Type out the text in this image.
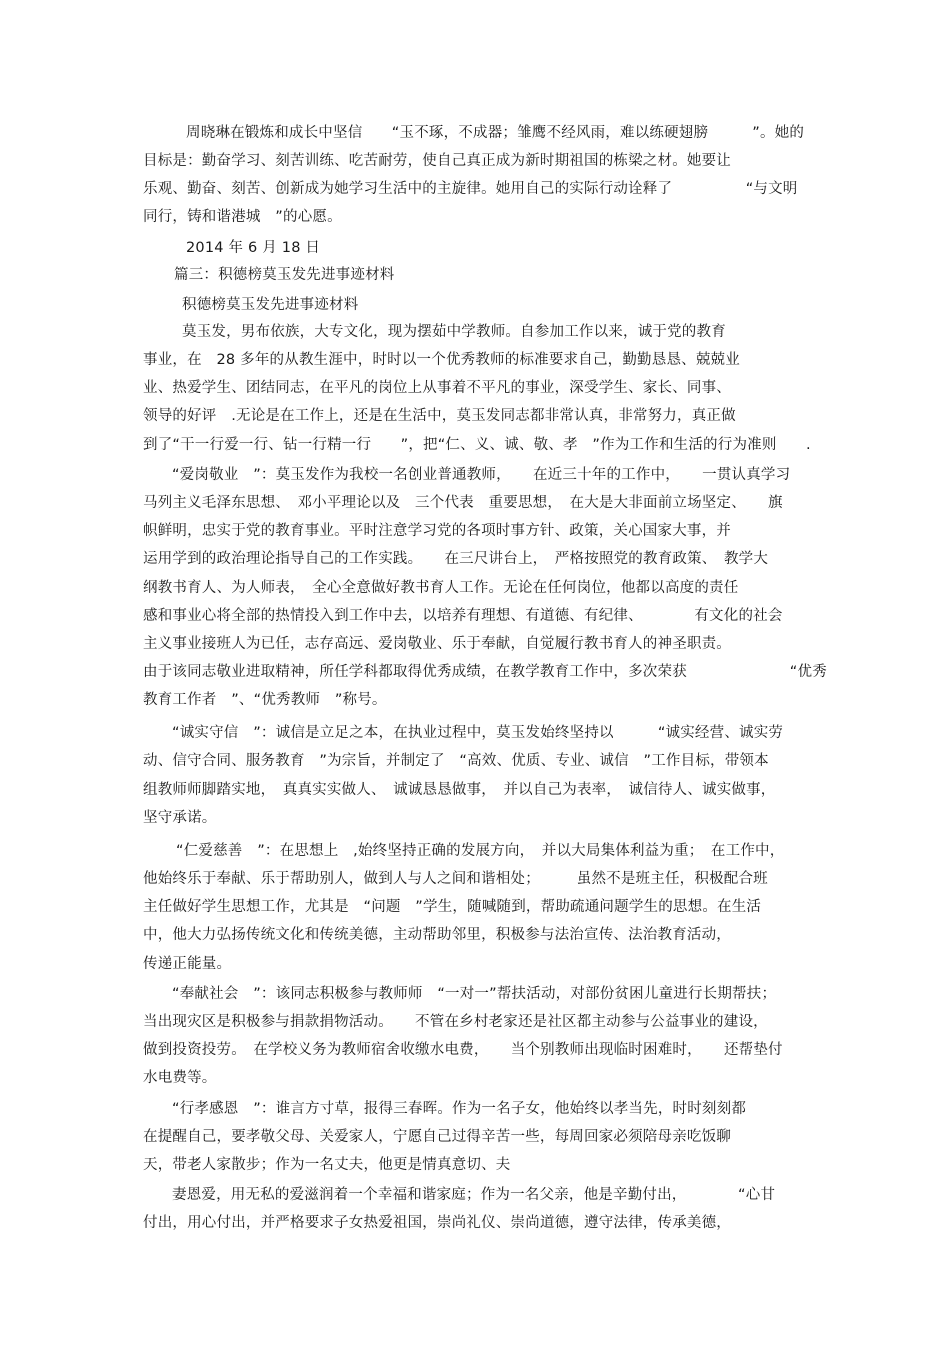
周晓琳在锻炼和成长中坚信　　“玉不琢，不成器；雏鹰不经风雨，难以练硬翅膀　　　”。她的
目标是：勤奋学习、刻苦训练、吃苦耐劳，使自己真正成为新时期祖国的栋梁之材。她要让
乐观、勤奋、刻苦、创新成为她学习生活中的主旋律。她用自己的实际行动诠释了　　　　　“与文明
同行，铸和谐港城　”的心愿。
2014 年 6 月 18 日
篇三：积德榜莫玉发先进事迹材料
积德榜莫玉发先进事迹材料
莫玉发，男布依族，大专文化，现为摆茹中学教师。自参加工作以来，诚于党的教育
事业，在　28 多年的从教生涯中，时时以一个优秀教师的标准要求自己，勤勤恳恳、兢兢业
业、热爱学生、团结同志，在平凡的岗位上从事着不平凡的事业，深受学生、家长、同事、
领导的好评　.无论是在工作上，还是在生活中，莫玉发同志都非常认真，非常努力，真正做
到了“干一行爱一行、钻一行精一行　　”，把“仁、义、诚、敬、孝　”作为工作和生活的行为准则　　.
“爱岗敬业　”：莫玉发作为我校一名创业普通教师，　　在近三十年的工作中，　　一贯认真学习
马列主义毛泽东思想、　邓小平理论以及　三个代表　重要思想，　在大是大非面前立场坚定、　　旗
帜鲜明，忠实于党的教育事业。平时注意学习党的各项时事方针、政策，关心国家大事，并
运用学到的政治理论指导自己的工作实践。　　在三尺讲台上，　严格按照党的教育政策、　教学大
纲教书育人、为人师表，　全心全意做好教书育人工作。无论在任何岗位，他都以高度的责任
感和事业心将全部的热情投入到工作中去，以培养有理想、有道德、有纪律、　　　　有文化的社会
主义事业接班人为已任，志存高远、爱岗敬业、乐于奉献，自觉履行教书育人的神圣职责。
由于该同志敬业进取精神，所任学科都取得优秀成绩，在教学教育工作中，多次荣获　　　　　　　“优秀
教育工作者　”、“优秀教师　”称号。
“诚实守信　”：诚信是立足之本，在执业过程中，莫玉发始终坚持以　　　“诚实经营、诚实劳
动、信守合同、服务教育　”为宗旨，并制定了　“高效、优质、专业、诚信　”工作目标，带领本
组教师师脚踏实地，　真真实实做人、　诚诚恳恳做事，　并以自己为表率，　诚信待人、诚实做事，
坚守承诺。
“仁爱慈善　”：在思想上　,始终坚持正确的发展方向，　并以大局集体利益为重；　在工作中，
他始终乐于奉献、乐于帮助别人，做到人与人之间和谐相处；　　　虽然不是班主任，积极配合班
主任做好学生思想工作，尤其是　“问题　”学生，随喊随到，帮助疏通问题学生的思想。在生活
中，他大力弘扬传统文化和传统美德，主动帮助邻里，积极参与法治宣传、法治教育活动，
传递正能量。
“奉献社会　”：该同志积极参与教师师　“一对一”帮扶活动，对部份贫困儿童进行长期帮扶；
当出现灾区是积极参与捐款捐物活动。　　不管在乡村老家还是社区都主动参与公益事业的建设，
做到投资投劳。　在学校义务为教师宿舍收缴水电费，　　当个别教师出现临时困难时，　　还帮垫付
水电费等。
“行孝感恩　”：谁言方寸草，报得三春晖。作为一名子女，他始终以孝当先，时时刻刻都
在提醒自己，要孝敬父母、关爱家人，宁愿自己过得辛苦一些，每周回家必须陪母亲吃饭聊
天，带老人家散步；作为一名丈夫，他更是情真意切、夫
妻恩爱，用无私的爱滋润着一个幸福和谐家庭；作为一名父亲，他是辛勤付出，　　　　“心甘
付出，用心付出，并严格要求子女热爱祖国，崇尚礼仪、崇尚道德，遵守法律，传承美德，
